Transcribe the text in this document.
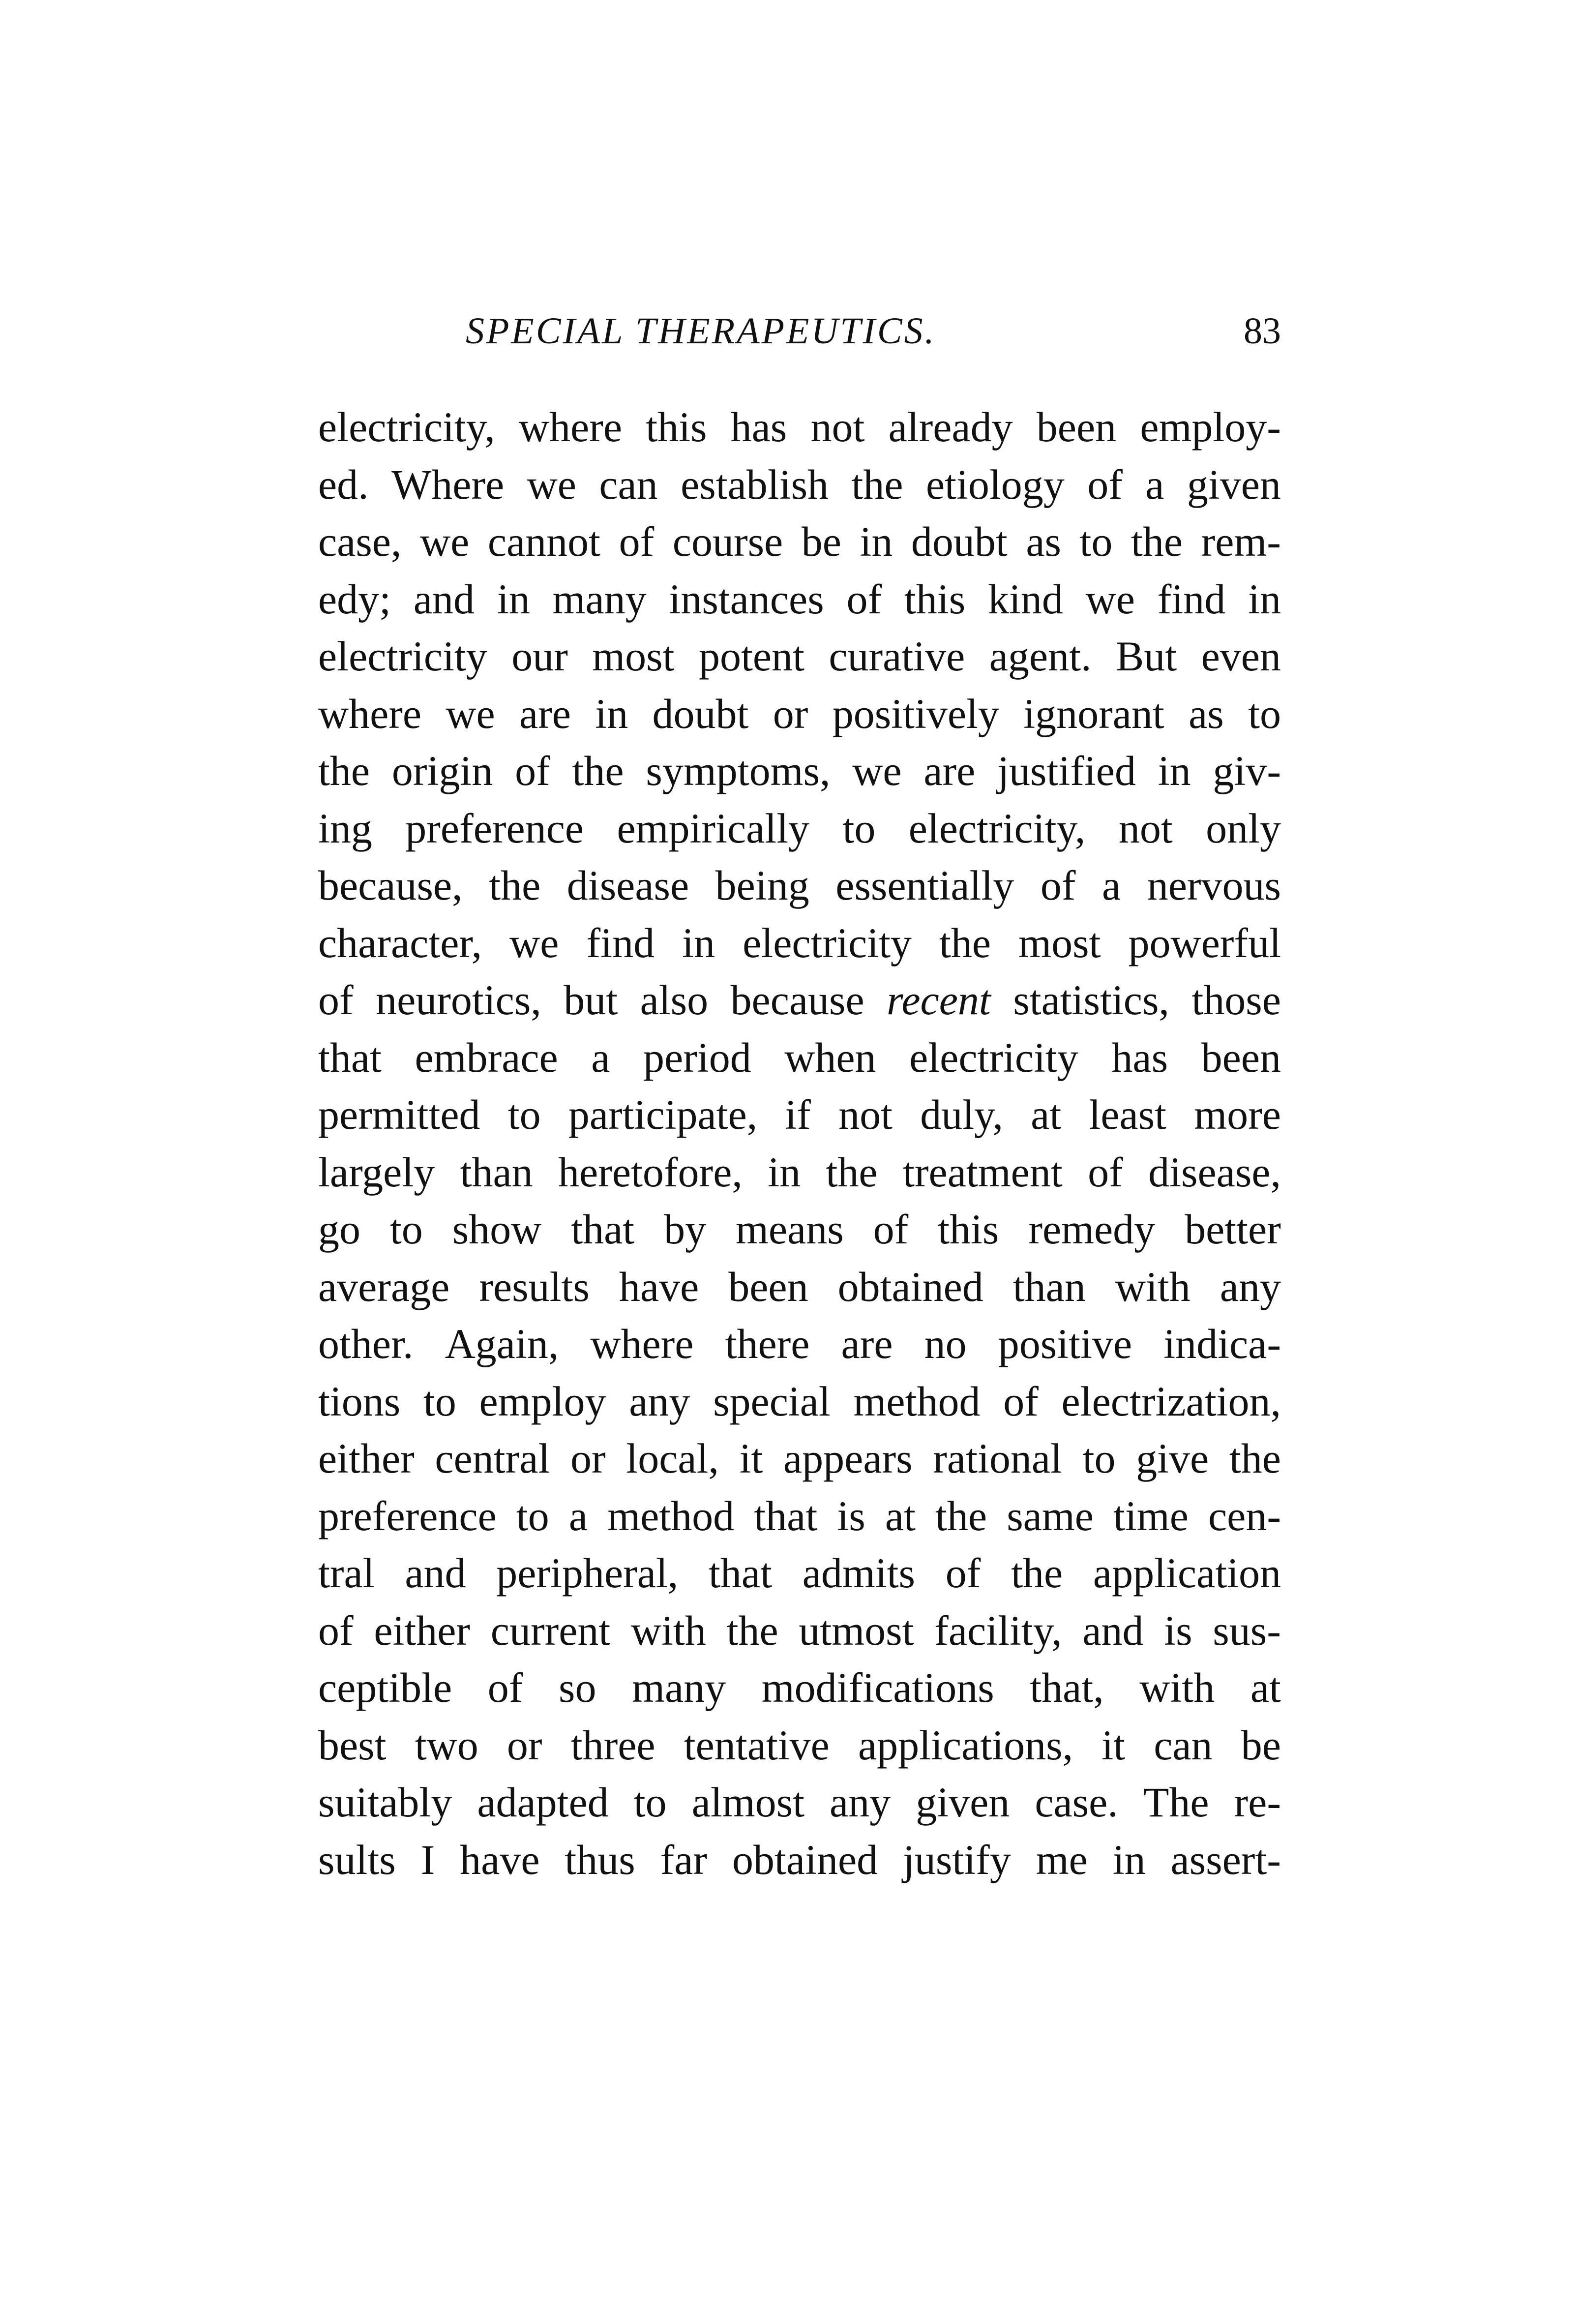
SPECIAL THERAPEUTICS.	83
electricity, where this has not already been employ-
ed. Where we can establish the etiology of a given
case, we cannot of course be in doubt as to the rem-
edy; and in many instances of this kind we find in
electricity our most potent curative agent. But even
where we are in doubt or positively ignorant as to
the origin of the symptoms, we are justified in giv-
ing preference empirically to electricity, not only
because, the disease being essentially of a nervous
character, we find in electricity the most powerful
of neurotics, but also because recent statistics, those
that embrace a period when electricity has been
permitted to participate, if not duly, at least more
largely than heretofore, in the treatment of disease,
go to show that by means of this remedy better
average results have been obtained than with any
other. Again, where there are no positive indica-
tions to employ any special method of electrization,
either central or local, it appears rational to give the
preference to a method that is at the same time cen-
tral and peripheral, that admits of the application
of either current with the utmost facility, and is sus-
ceptible of so many modifications that, with at
best two or three tentative applications, it can be
suitably adapted to almost any given case. The re-
sults I have thus far obtained justify me in assert-
